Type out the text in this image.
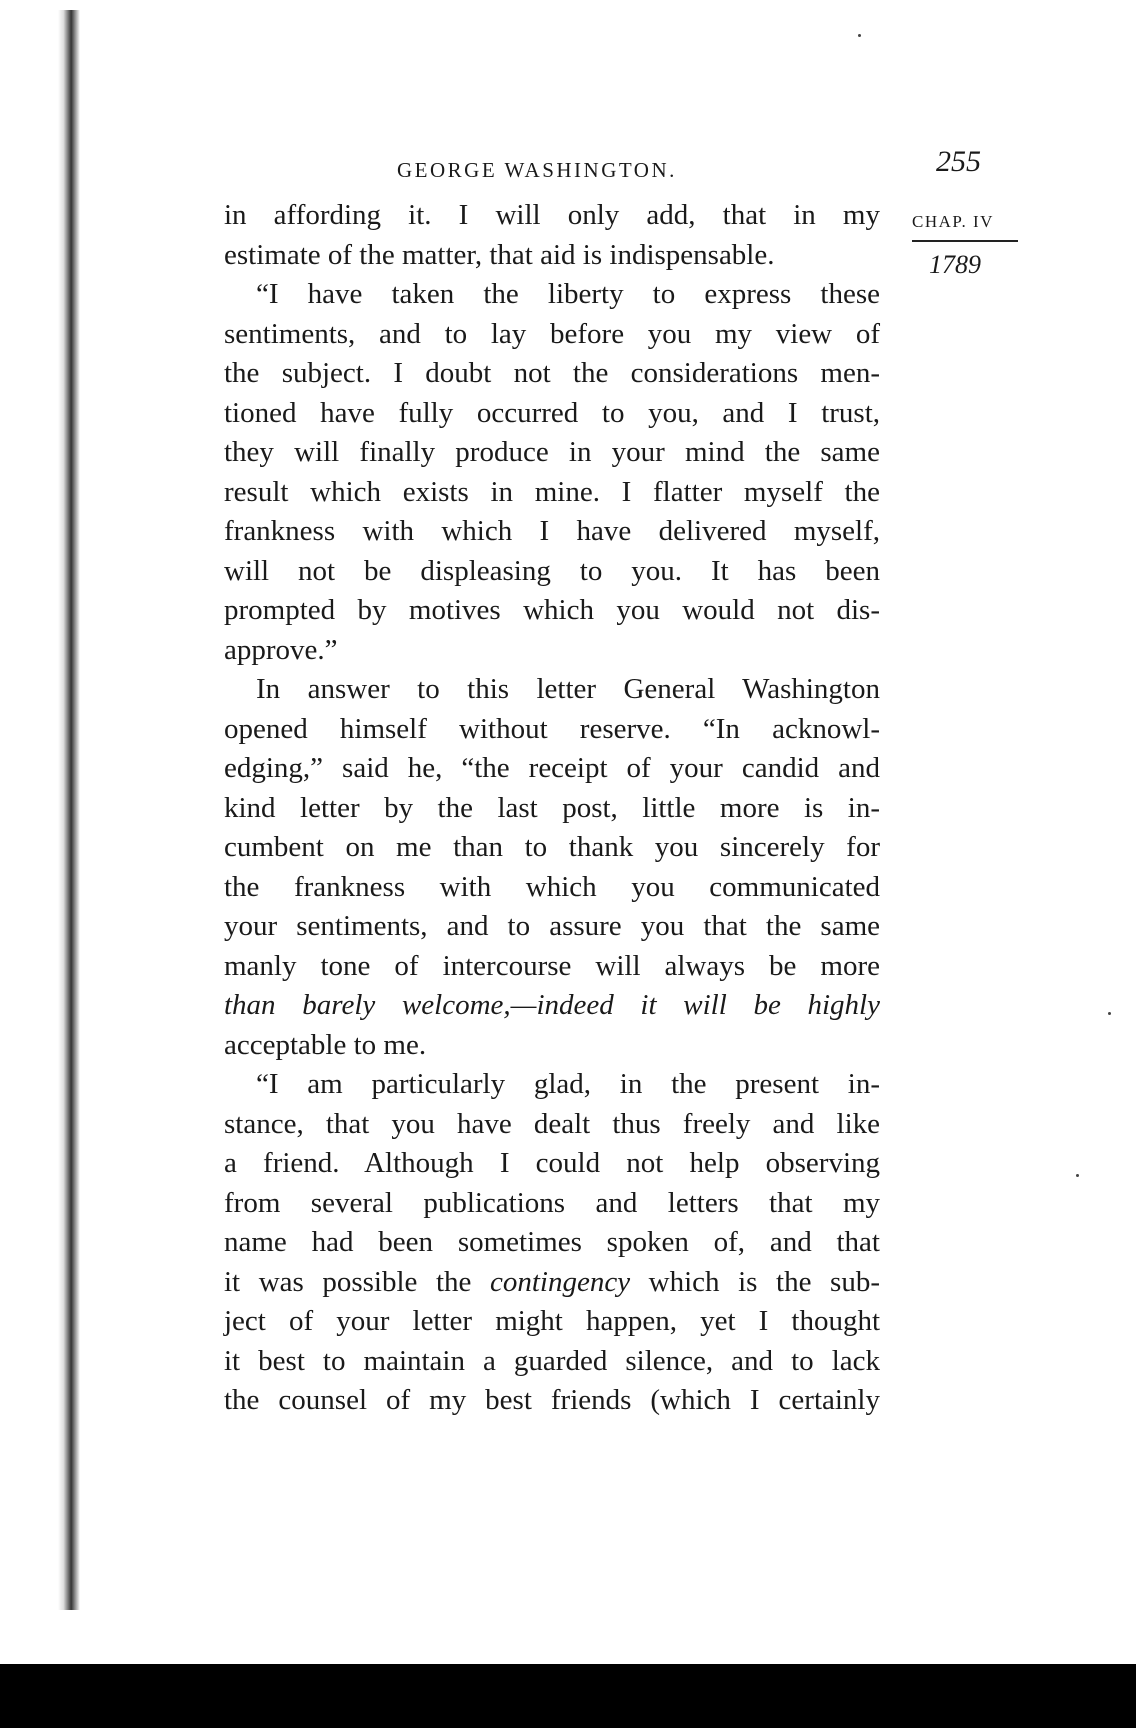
GEORGE WASHINGTON.	255
CHAP. IV
1789
in affording it. I will only add, that in my
estimate of the matter, that aid is indispensable.
“I have taken the liberty to express these
sentiments, and to lay before you my view of
the subject. I doubt not the considerations men-
tioned have fully occurred to you, and I trust,
they will finally produce in your mind the same
result which exists in mine. I flatter myself the
frankness with which I have delivered myself,
will not be displeasing to you. It has been
prompted by motives which you would not dis-
approve.”
In answer to this letter General Washington
opened himself without reserve. “In acknowl-
edging,” said he, “the receipt of your candid and
kind letter by the last post, little more is in-
cumbent on me than to thank you sincerely for
the frankness with which you communicated
your sentiments, and to assure you that the same
manly tone of intercourse will always be more
than barely welcome,—indeed it will be highly
acceptable to me.
“I am particularly glad, in the present in-
stance, that you have dealt thus freely and like
a friend. Although I could not help observing
from several publications and letters that my
name had been sometimes spoken of, and that
it was possible the contingency which is the sub-
ject of your letter might happen, yet I thought
it best to maintain a guarded silence, and to lack
the counsel of my best friends (which I certainly
